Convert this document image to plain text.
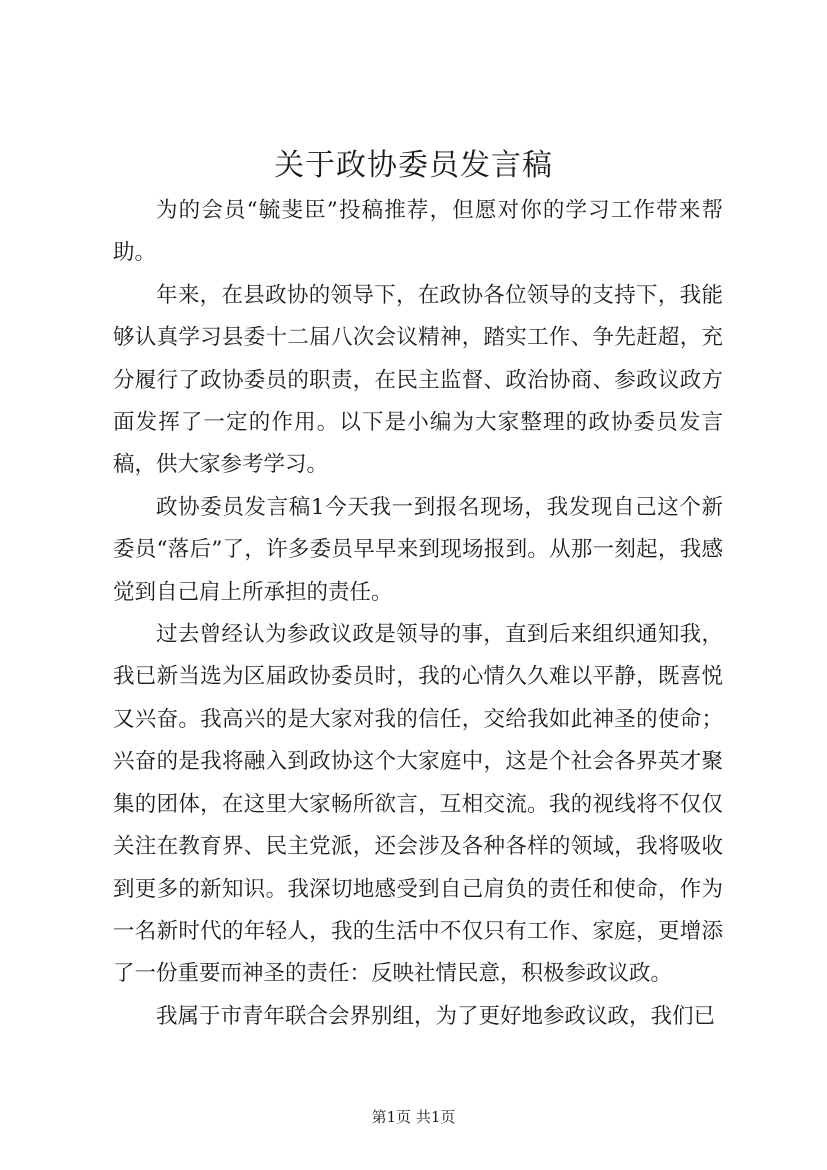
关于政协委员发言稿

为的会员“毓斐臣”投稿推荐，但愿对你的学习工作带来帮助。

年来，在县政协的领导下，在政协各位领导的支持下，我能够认真学习县委十二届八次会议精神，踏实工作、争先赶超，充分履行了政协委员的职责，在民主监督、政治协商、参政议政方面发挥了一定的作用。以下是小编为大家整理的政协委员发言稿，供大家参考学习。

政协委员发言稿1今天我一到报名现场，我发现自己这个新委员“落后”了，许多委员早早来到现场报到。从那一刻起，我感觉到自己肩上所承担的责任。

过去曾经认为参政议政是领导的事，直到后来组织通知我，我已新当选为区届政协委员时，我的心情久久难以平静，既喜悦又兴奋。我高兴的是大家对我的信任，交给我如此神圣的使命；兴奋的是我将融入到政协这个大家庭中，这是个社会各界英才聚集的团体，在这里大家畅所欲言，互相交流。我的视线将不仅仅关注在教育界、民主党派，还会涉及各种各样的领域，我将吸收到更多的新知识。我深切地感受到自己肩负的责任和使命，作为一名新时代的年轻人，我的生活中不仅只有工作、家庭，更增添了一份重要而神圣的责任：反映社情民意，积极参政议政。

我属于市青年联合会界别组，为了更好地参政议政，我们已

第1页 共1页
